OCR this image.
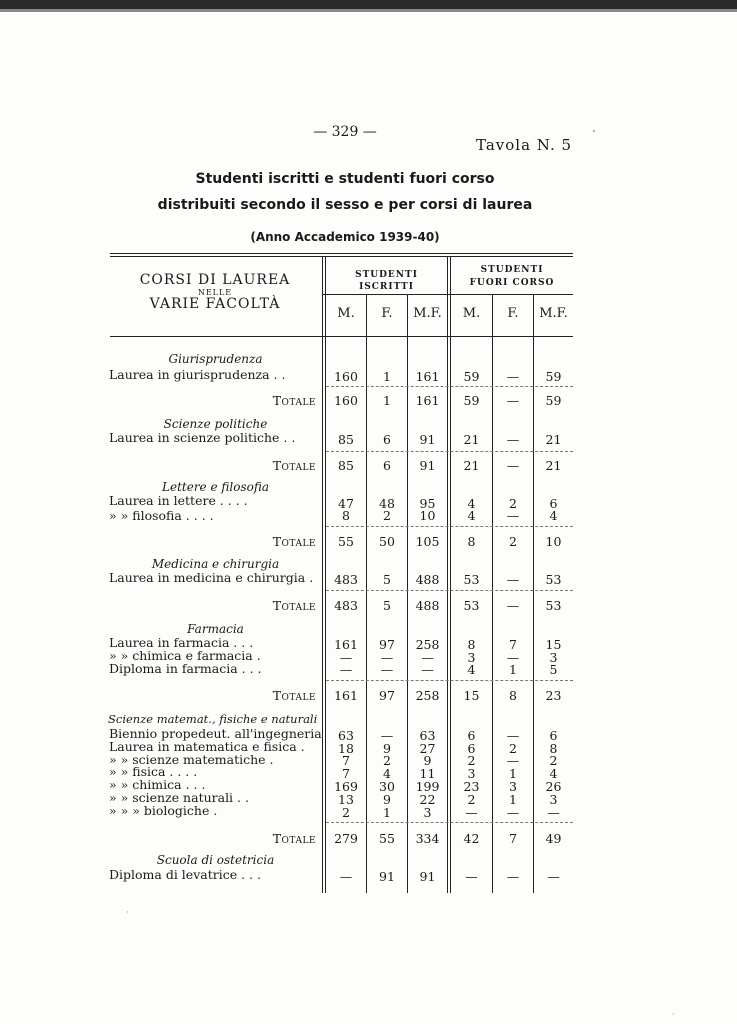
— 329 —
Tavola N. 5
Studenti iscritti e studenti fuori corso
distribuiti secondo il sesso e per corsi di laurea
(Anno Accademico 1939-40)
CORSI DI LAUREA
NELLE
VARIE FACOLTÀ
STUDENTI ISCRITTI
STUDENTI
FUORI CORSO
M.	F.	M.F.	M.	F.	M.F.
Giurisprudenza
Laurea in giurisprudenza . .	160	1	161	59	—	59
Totale	160	1	161	59	—	59
Scienze politiche
Laurea in scienze politiche . .	85	6	91	21	—	21
Totale	85	6	91	21	—	21
Lettere e filosofia
Laurea in lettere . . . .	47	48	95	4	2	6
» » filosofia . . . .	8	2	10	4	—	4
Totale	55	50	105	8	2	10
Medicina e chirurgia
Laurea in medicina e chirurgia .	483	5	488	53	—	53
Totale	483	5	488	53	—	53
Farmacia
Laurea in farmacia . . .	161	97	258	8	7	15
» » chimica e farmacia .	—	—	—	3	—	3
Diploma in farmacia . . .	—	—	—	4	1	5
Totale	161	97	258	15	8	23
Scienze matemat., fisiche e naturali
Biennio propedeut. all'ingegneria	63	—	63	6	—	6
Laurea in matematica e fisica .	18	9	27	6	2	8
» » scienze matematiche .	7	2	9	2	—	2
» » fisica . . . .	7	4	11	3	1	4
» » chimica . . .	169	30	199	23	3	26
» » scienze naturali . .	13	9	22	2	1	3
» » » biologiche .	2	1	3	—	—	—
Totale	279	55	334	42	7	49
Scuola di ostetricia
Diploma di levatrice . . .	—	91	91	—	—	—
˚
·
·
